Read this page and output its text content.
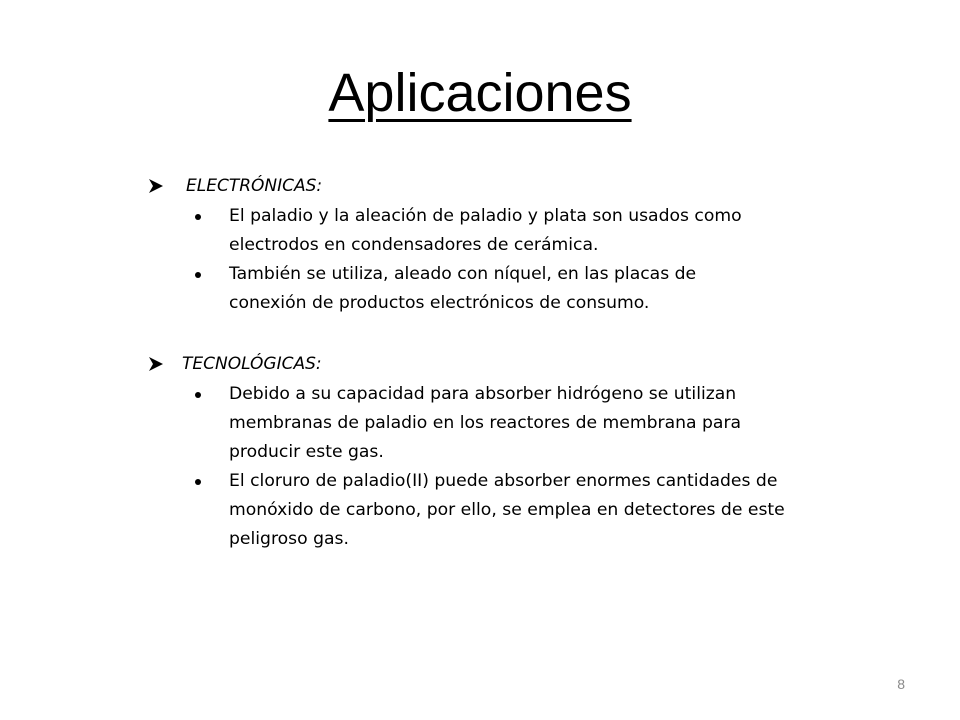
Aplicaciones
ELECTRÓNICAS:
El paladio y la aleación de paladio y plata son usados como electrodos en condensadores de cerámica.
También se utiliza, aleado con níquel, en las placas de conexión de productos electrónicos de consumo.
TECNOLÓGICAS:
Debido a su capacidad para absorber hidrógeno se utilizan membranas de paladio en los reactores de membrana para producir este gas.
El cloruro de paladio(II) puede absorber enormes cantidades de monóxido de carbono, por ello, se emplea en detectores de este peligroso gas.
8
